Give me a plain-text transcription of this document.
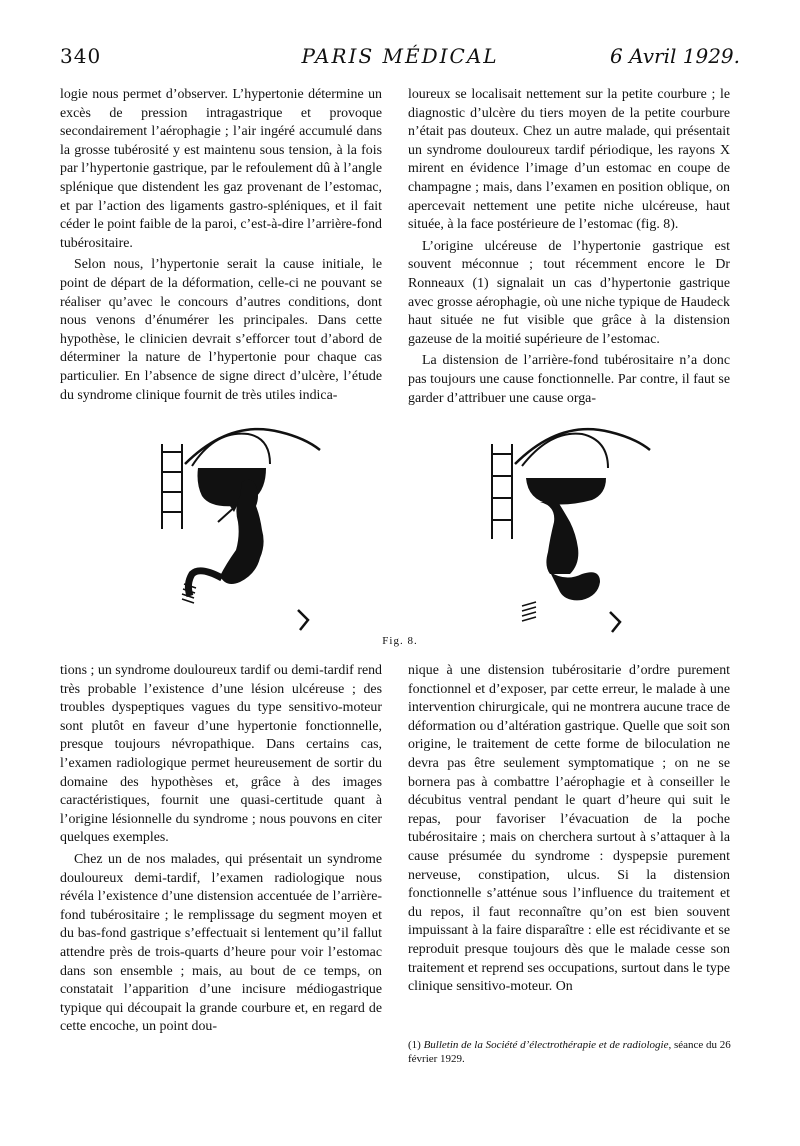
340	PARIS MÉDICAL	6 Avril 1929.

logie nous permet d’observer. L’hypertonie détermine un excès de pression intragastrique et provoque secondairement l’aérophagie ; l’air ingéré accumulé dans la grosse tubérosité y est maintenu sous tension, à la fois par l’hypertonie gastrique, par le refoulement dû à l’angle splénique que distendent les gaz provenant de l’estomac, et par l’action des ligaments gastro-spléniques, et il fait céder le point faible de la paroi, c’est-à-dire l’arrière-fond tubérositaire.

Selon nous, l’hypertonie serait la cause initiale, le point de départ de la déformation, celle-ci ne pouvant se réaliser qu’avec le concours d’autres conditions, dont nous venons d’énumérer les principales. Dans cette hypothèse, le clinicien devrait s’efforcer tout d’abord de déterminer la nature de l’hypertonie pour chaque cas particulier. En l’absence de signe direct d’ulcère, l’étude du syndrome clinique fournit de très utiles indica-

loureux se localisait nettement sur la petite courbure ; le diagnostic d’ulcère du tiers moyen de la petite courbure n’était pas douteux. Chez un autre malade, qui présentait un syndrome douloureux tardif périodique, les rayons X mirent en évidence l’image d’un estomac en coupe de champagne ; mais, dans l’examen en position oblique, on apercevait nettement une petite niche ulcéreuse, haut située, à la face postérieure de l’estomac (fig. 8).

L’origine ulcéreuse de l’hypertonie gastrique est souvent méconnue ; tout récemment encore le Dr Ronneaux (1) signalait un cas d’hypertonie gastrique avec grosse aérophagie, où une niche typique de Haudeck haut située ne fut visible que grâce à la distension gazeuse de la moitié supérieure de l’estomac.

La distension de l’arrière-fond tubérositaire n’a donc pas toujours une cause fonctionnelle. Par contre, il faut se garder d’attribuer une cause orga-

Fig. 8.

tions ; un syndrome douloureux tardif ou demi-tardif rend très probable l’existence d’une lésion ulcéreuse ; des troubles dyspeptiques vagues du type sensitivo-moteur sont plutôt en faveur d’une hypertonie fonctionnelle, presque toujours névropathique. Dans certains cas, l’examen radiologique permet heureusement de sortir du domaine des hypothèses et, grâce à des images caractéristiques, fournit une quasi-certitude quant à l’origine lésionnelle du syndrome ; nous pouvons en citer quelques exemples.

Chez un de nos malades, qui présentait un syndrome douloureux demi-tardif, l’examen radiologique nous révéla l’existence d’une distension accentuée de l’arrière-fond tubérositaire ; le remplissage du segment moyen et du bas-fond gastrique s’effectuait si lentement qu’il fallut attendre près de trois-quarts d’heure pour voir l’estomac dans son ensemble ; mais, au bout de ce temps, on constatait l’apparition d’une incisure médiogastrique typique qui découpait la grande courbure et, en regard de cette encoche, un point dou-

nique à une distension tubérositarie d’ordre purement fonctionnel et d’exposer, par cette erreur, le malade à une intervention chirurgicale, qui ne montrera aucune trace de déformation ou d’altération gastrique. Quelle que soit son origine, le traitement de cette forme de biloculation ne devra pas être seulement symptomatique ; on ne se bornera pas à combattre l’aérophagie et à conseiller le décubitus ventral pendant le quart d’heure qui suit le repas, pour favoriser l’évacuation de la poche tubérositaire ; mais on cherchera surtout à s’attaquer à la cause présumée du syndrome : dyspepsie purement nerveuse, constipation, ulcus. Si la distension fonctionnelle s’atténue sous l’influence du traitement et du repos, il faut reconnaître qu’on est bien souvent impuissant à la faire disparaître : elle est récidivante et se reproduit presque toujours dès que le malade cesse son traitement et reprend ses occupations, surtout dans le type clinique sensitivo-moteur. On

(1) Bulletin de la Société d’électrothérapie et de radiologie, séance du 26 février 1929.
